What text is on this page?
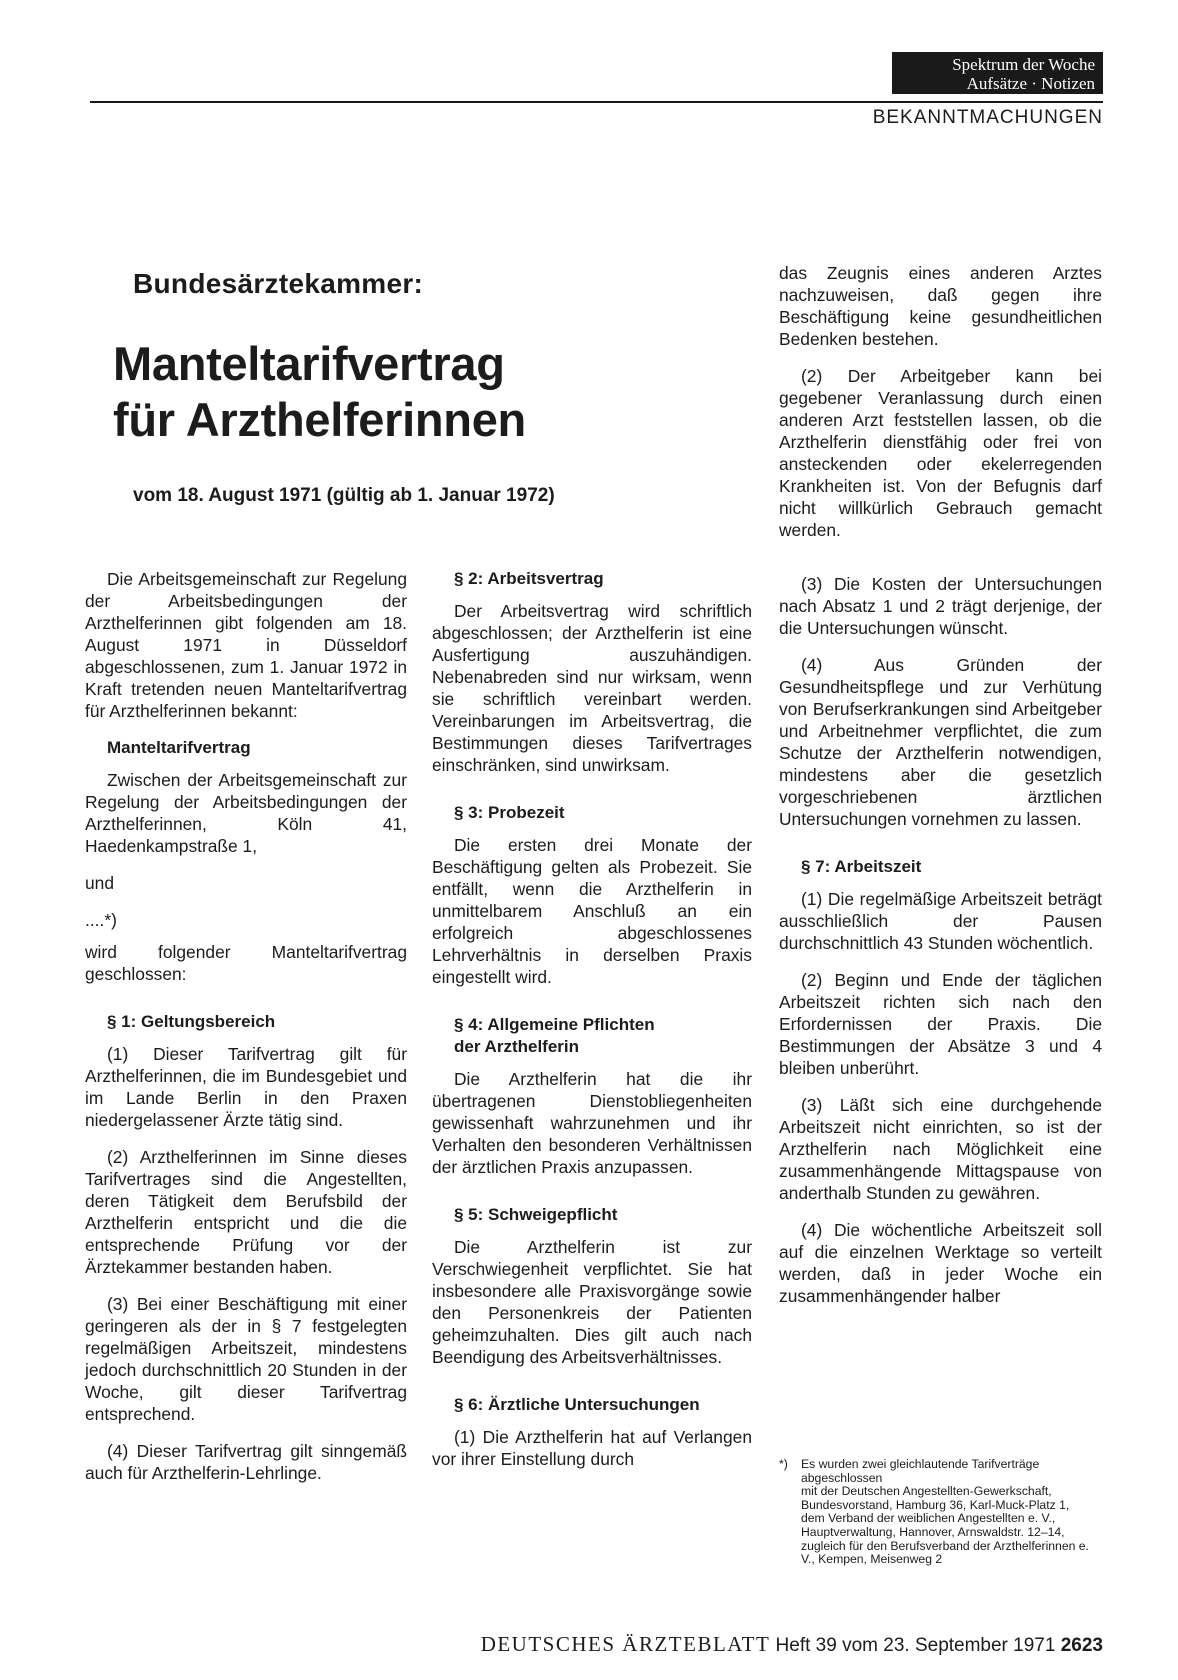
Spektrum der Woche
Aufsätze · Notizen
BEKANNTMACHUNGEN
Bundesärztekammer:
Manteltarifvertrag
für Arzthelferinnen
vom 18. August 1971 (gültig ab 1. Januar 1972)

Die Arbeitsgemeinschaft zur Regelung der Arbeitsbedingungen der Arzthelferinnen gibt folgenden am 18. August 1971 in Düsseldorf abgeschlossenen, zum 1. Januar 1972 in Kraft tretenden neuen Manteltarifvertrag für Arzthelferinnen bekannt:

Manteltarifvertrag

Zwischen der Arbeitsgemeinschaft zur Regelung der Arbeitsbedingungen der Arzthelferinnen, Köln 41, Haedenkampstraße 1,

und

....*)

wird folgender Manteltarifvertrag geschlossen:

§ 1: Geltungsbereich

(1) Dieser Tarifvertrag gilt für Arzthelferinnen, die im Bundesgebiet und im Lande Berlin in den Praxen niedergelassener Ärzte tätig sind.

(2) Arzthelferinnen im Sinne dieses Tarifvertrages sind die Angestellten, deren Tätigkeit dem Berufsbild der Arzthelferin entspricht und die die entsprechende Prüfung vor der Ärztekammer bestanden haben.

(3) Bei einer Beschäftigung mit einer geringeren als der in § 7 festgelegten regelmäßigen Arbeitszeit, mindestens jedoch durchschnittlich 20 Stunden in der Woche, gilt dieser Tarifvertrag entsprechend.

(4) Dieser Tarifvertrag gilt sinngemäß auch für Arzthelferin-Lehrlinge.

§ 2: Arbeitsvertrag

Der Arbeitsvertrag wird schriftlich abgeschlossen; der Arzthelferin ist eine Ausfertigung auszuhändigen. Nebenabreden sind nur wirksam, wenn sie schriftlich vereinbart werden. Vereinbarungen im Arbeitsvertrag, die Bestimmungen dieses Tarifvertrages einschränken, sind unwirksam.

§ 3: Probezeit

Die ersten drei Monate der Beschäftigung gelten als Probezeit. Sie entfällt, wenn die Arzthelferin in unmittelbarem Anschluß an ein erfolgreich abgeschlossenes Lehrverhältnis in derselben Praxis eingestellt wird.

§ 4: Allgemeine Pflichten
der Arzthelferin

Die Arzthelferin hat die ihr übertragenen Dienstobliegenheiten gewissenhaft wahrzunehmen und ihr Verhalten den besonderen Verhältnissen der ärztlichen Praxis anzupassen.

§ 5: Schweigepflicht

Die Arzthelferin ist zur Verschwiegenheit verpflichtet. Sie hat insbesondere alle Praxisvorgänge sowie den Personenkreis der Patienten geheimzuhalten. Dies gilt auch nach Beendigung des Arbeitsverhältnisses.

§ 6: Ärztliche Untersuchungen

(1) Die Arzthelferin hat auf Verlangen vor ihrer Einstellung durch

das Zeugnis eines anderen Arztes nachzuweisen, daß gegen ihre Beschäftigung keine gesundheitlichen Bedenken bestehen.

(2) Der Arbeitgeber kann bei gegebener Veranlassung durch einen anderen Arzt feststellen lassen, ob die Arzthelferin dienstfähig oder frei von ansteckenden oder ekelerregenden Krankheiten ist. Von der Befugnis darf nicht willkürlich Gebrauch gemacht werden.

(3) Die Kosten der Untersuchungen nach Absatz 1 und 2 trägt derjenige, der die Untersuchungen wünscht.

(4) Aus Gründen der Gesundheitspflege und zur Verhütung von Berufserkrankungen sind Arbeitgeber und Arbeitnehmer verpflichtet, die zum Schutze der Arzthelferin notwendigen, mindestens aber die gesetzlich vorgeschriebenen ärztlichen Untersuchungen vornehmen zu lassen.

§ 7: Arbeitszeit

(1) Die regelmäßige Arbeitszeit beträgt ausschließlich der Pausen durchschnittlich 43 Stunden wöchentlich.

(2) Beginn und Ende der täglichen Arbeitszeit richten sich nach den Erfordernissen der Praxis. Die Bestimmungen der Absätze 3 und 4 bleiben unberührt.

(3) Läßt sich eine durchgehende Arbeitszeit nicht einrichten, so ist der Arzthelferin nach Möglichkeit eine zusammenhängende Mittagspause von anderthalb Stunden zu gewähren.

(4) Die wöchentliche Arbeitszeit soll auf die einzelnen Werktage so verteilt werden, daß in jeder Woche ein zusammenhängender halber

*) Es wurden zwei gleichlautende Tarifverträge abgeschlossen
mit der Deutschen Angestellten-Gewerkschaft, Bundesvorstand, Hamburg 36, Karl-Muck-Platz 1,
dem Verband der weiblichen Angestellten e. V., Hauptverwaltung, Hannover, Arnswaldstr. 12–14, zugleich für den Berufsverband der Arzthelferinnen e. V., Kempen, Meisenweg 2
DEUTSCHES ÄRZTEBLATT Heft 39 vom 23. September 1971 2623
